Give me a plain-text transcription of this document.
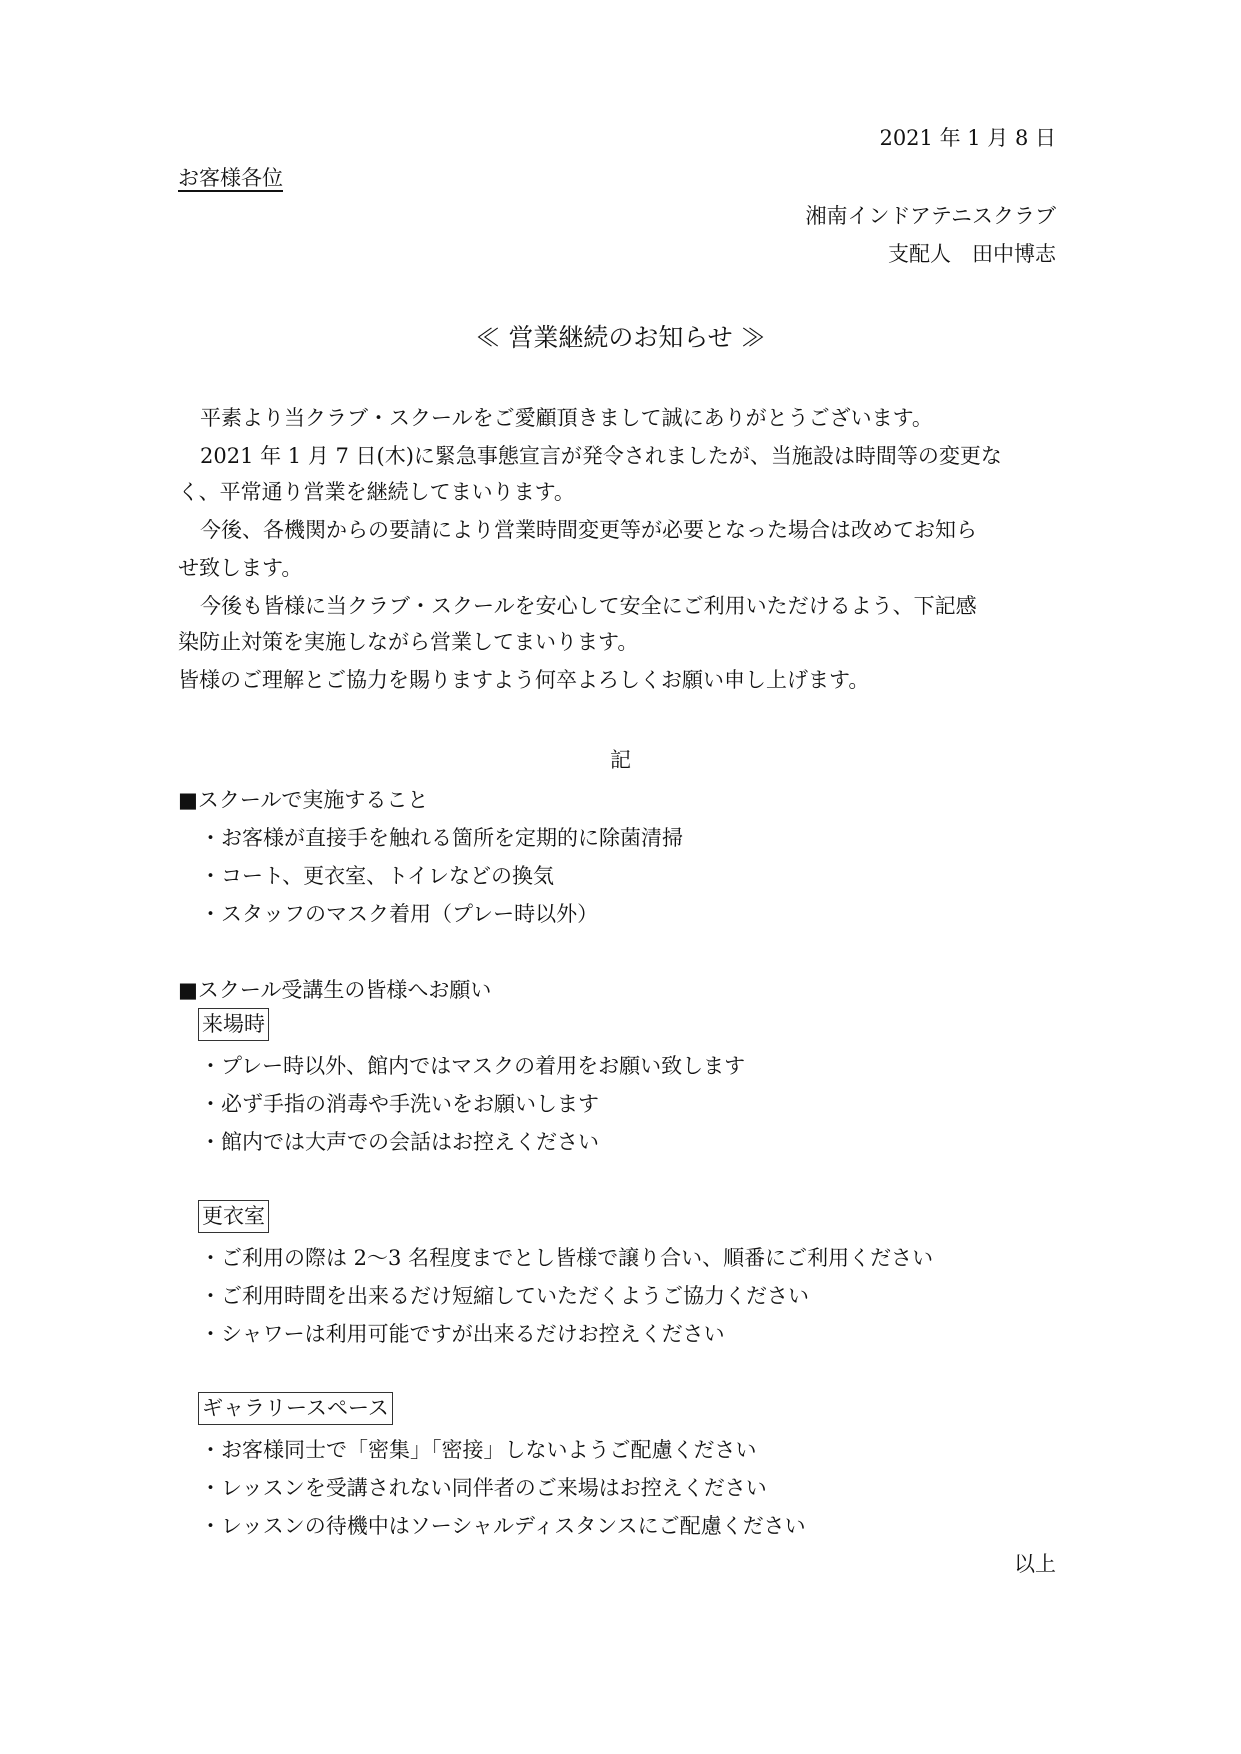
2021 年 1 月 8 日
お客様各位
湘南インドアテニスクラブ
支配人　田中博志
≪ 営業継続のお知らせ ≫
平素より当クラブ・スクールをご愛顧頂きまして誠にありがとうございます。
2021 年 1 月 7 日(木)に緊急事態宣言が発令されましたが、当施設は時間等の変更な
く、平常通り営業を継続してまいります。
今後、各機関からの要請により営業時間変更等が必要となった場合は改めてお知ら
せ致します。
今後も皆様に当クラブ・スクールを安心して安全にご利用いただけるよう、下記感
染防止対策を実施しながら営業してまいります。
皆様のご理解とご協力を賜りますよう何卒よろしくお願い申し上げます。
記
■スクールで実施すること
・お客様が直接手を触れる箇所を定期的に除菌清掃
・コート、更衣室、トイレなどの換気
・スタッフのマスク着用（プレー時以外）
■スクール受講生の皆様へお願い
来場時
・プレー時以外、館内ではマスクの着用をお願い致します
・必ず手指の消毒や手洗いをお願いします
・館内では大声での会話はお控えください
更衣室
・ご利用の際は 2～3 名程度までとし皆様で譲り合い、順番にご利用ください
・ご利用時間を出来るだけ短縮していただくようご協力ください
・シャワーは利用可能ですが出来るだけお控えください
ギャラリースペース
・お客様同士で「密集」「密接」しないようご配慮ください
・レッスンを受講されない同伴者のご来場はお控えください
・レッスンの待機中はソーシャルディスタンスにご配慮ください
以上
